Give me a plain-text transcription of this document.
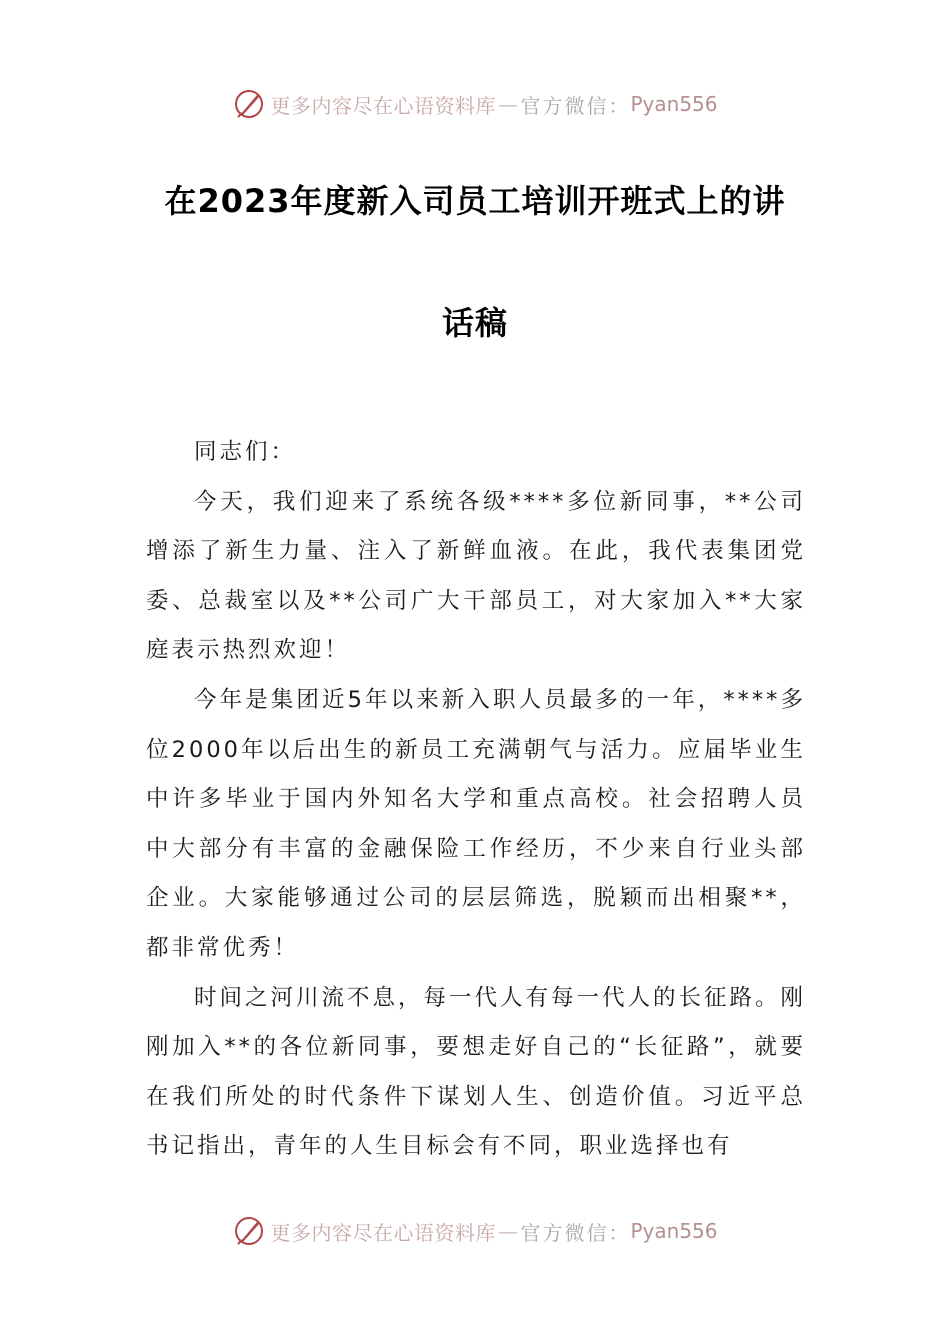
更多内容尽在心语资料库 — 官方微信： Pyan556
在2023年度新入司员工培训开班式上的讲
话稿

同志们：

今天，我们迎来了系统各级****多位新同事，**公司增添了新生力量、注入了新鲜血液。在此，我代表集团党委、总裁室以及**公司广大干部员工，对大家加入**大家庭表示热烈欢迎！

今年是集团近5年以来新入职人员最多的一年，****多位2000年以后出生的新员工充满朝气与活力。应届毕业生中许多毕业于国内外知名大学和重点高校。社会招聘人员中大部分有丰富的金融保险工作经历，不少来自行业头部企业。大家能够通过公司的层层筛选，脱颖而出相聚**，都非常优秀！

时间之河川流不息，每一代人有每一代人的长征路。刚刚加入**的各位新同事，要想走好自己的“长征路”，就要在我们所处的时代条件下谋划人生、创造价值。习近平总书记指出，青年的人生目标会有不同，职业选择也有

更多内容尽在心语资料库 — 官方微信： Pyan556
